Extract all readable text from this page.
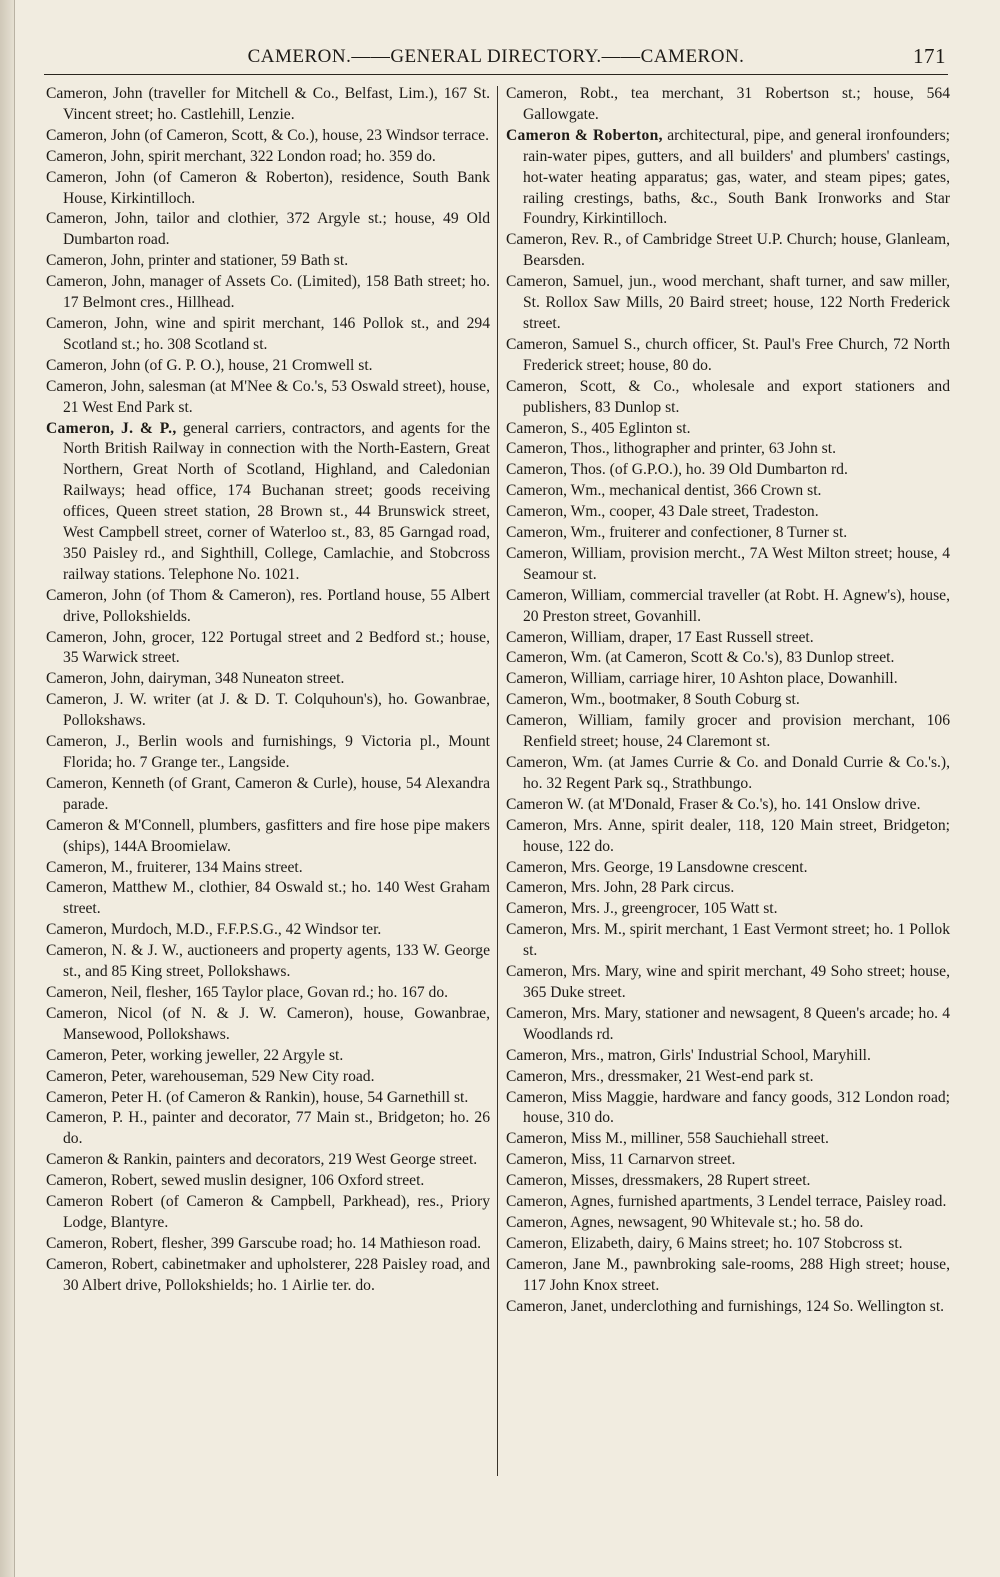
CAMERON.——GENERAL DIRECTORY.——CAMERON.	171

Cameron, John (traveller for Mitchell & Co., Belfast, Lim.), 167 St. Vincent street; ho. Castlehill, Lenzie.

Cameron, John (of Cameron, Scott, & Co.), house, 23 Windsor terrace.

Cameron, John, spirit merchant, 322 London road; ho. 359 do.

Cameron, John (of Cameron & Roberton), residence, South Bank House, Kirkintilloch.

Cameron, John, tailor and clothier, 372 Argyle st.; house, 49 Old Dumbarton road.

Cameron, John, printer and stationer, 59 Bath st.

Cameron, John, manager of Assets Co. (Limited), 158 Bath street; ho. 17 Belmont cres., Hillhead.

Cameron, John, wine and spirit merchant, 146 Pollok st., and 294 Scotland st.; ho. 308 Scotland st.

Cameron, John (of G. P. O.), house, 21 Cromwell st.

Cameron, John, salesman (at M'Nee & Co.'s, 53 Oswald street), house, 21 West End Park st.

Cameron, J. & P., general carriers, contractors, and agents for the North British Railway in connection with the North-Eastern, Great Northern, Great North of Scotland, Highland, and Caledonian Railways; head office, 174 Buchanan street; goods receiving offices, Queen street station, 28 Brown st., 44 Brunswick street, West Campbell street, corner of Waterloo st., 83, 85 Garngad road, 350 Paisley rd., and Sighthill, College, Camlachie, and Stobcross railway stations. Telephone No. 1021.

Cameron, John (of Thom & Cameron), res. Portland house, 55 Albert drive, Pollokshields.

Cameron, John, grocer, 122 Portugal street and 2 Bedford st.; house, 35 Warwick street.

Cameron, John, dairyman, 348 Nuneaton street.

Cameron, J. W. writer (at J. & D. T. Colquhoun's), ho. Gowanbrae, Pollokshaws.

Cameron, J., Berlin wools and furnishings, 9 Victoria pl., Mount Florida; ho. 7 Grange ter., Langside.

Cameron, Kenneth (of Grant, Cameron & Curle), house, 54 Alexandra parade.

Cameron & M'Connell, plumbers, gasfitters and fire hose pipe makers (ships), 144A Broomielaw.

Cameron, M., fruiterer, 134 Mains street.

Cameron, Matthew M., clothier, 84 Oswald st.; ho. 140 West Graham street.

Cameron, Murdoch, M.D., F.F.P.S.G., 42 Windsor ter.

Cameron, N. & J. W., auctioneers and property agents, 133 W. George st., and 85 King street, Pollokshaws.

Cameron, Neil, flesher, 165 Taylor place, Govan rd.; ho. 167 do.

Cameron, Nicol (of N. & J. W. Cameron), house, Gowanbrae, Mansewood, Pollokshaws.

Cameron, Peter, working jeweller, 22 Argyle st.

Cameron, Peter, warehouseman, 529 New City road.

Cameron, Peter H. (of Cameron & Rankin), house, 54 Garnethill st.

Cameron, P. H., painter and decorator, 77 Main st., Bridgeton; ho. 26 do.

Cameron & Rankin, painters and decorators, 219 West George street.

Cameron, Robert, sewed muslin designer, 106 Oxford street.

Cameron Robert (of Cameron & Campbell, Parkhead), res., Priory Lodge, Blantyre.

Cameron, Robert, flesher, 399 Garscube road; ho. 14 Mathieson road.

Cameron, Robert, cabinetmaker and upholsterer, 228 Paisley road, and 30 Albert drive, Pollokshields; ho. 1 Airlie ter. do.

Cameron, Robt., tea merchant, 31 Robertson st.; house, 564 Gallowgate.

Cameron & Roberton, architectural, pipe, and general ironfounders; rain-water pipes, gutters, and all builders' and plumbers' castings, hot-water heating apparatus; gas, water, and steam pipes; gates, railing crestings, baths, &c., South Bank Ironworks and Star Foundry, Kirkintilloch.

Cameron, Rev. R., of Cambridge Street U.P. Church; house, Glanleam, Bearsden.

Cameron, Samuel, jun., wood merchant, shaft turner, and saw miller, St. Rollox Saw Mills, 20 Baird street; house, 122 North Frederick street.

Cameron, Samuel S., church officer, St. Paul's Free Church, 72 North Frederick street; house, 80 do.

Cameron, Scott, & Co., wholesale and export stationers and publishers, 83 Dunlop st.

Cameron, S., 405 Eglinton st.

Cameron, Thos., lithographer and printer, 63 John st.

Cameron, Thos. (of G.P.O.), ho. 39 Old Dumbarton rd.

Cameron, Wm., mechanical dentist, 366 Crown st.

Cameron, Wm., cooper, 43 Dale street, Tradeston.

Cameron, Wm., fruiterer and confectioner, 8 Turner st.

Cameron, William, provision mercht., 7A West Milton street; house, 4 Seamour st.

Cameron, William, commercial traveller (at Robt. H. Agnew's), house, 20 Preston street, Govanhill.

Cameron, William, draper, 17 East Russell street.

Cameron, Wm. (at Cameron, Scott & Co.'s), 83 Dunlop street.

Cameron, William, carriage hirer, 10 Ashton place, Dowanhill.

Cameron, Wm., bootmaker, 8 South Coburg st.

Cameron, William, family grocer and provision merchant, 106 Renfield street; house, 24 Claremont st.

Cameron, Wm. (at James Currie & Co. and Donald Currie & Co.'s.), ho. 32 Regent Park sq., Strathbungo.

Cameron W. (at M'Donald, Fraser & Co.'s), ho. 141 Onslow drive.

Cameron, Mrs. Anne, spirit dealer, 118, 120 Main street, Bridgeton; house, 122 do.

Cameron, Mrs. George, 19 Lansdowne crescent.

Cameron, Mrs. John, 28 Park circus.

Cameron, Mrs. J., greengrocer, 105 Watt st.

Cameron, Mrs. M., spirit merchant, 1 East Vermont street; ho. 1 Pollok st.

Cameron, Mrs. Mary, wine and spirit merchant, 49 Soho street; house, 365 Duke street.

Cameron, Mrs. Mary, stationer and newsagent, 8 Queen's arcade; ho. 4 Woodlands rd.

Cameron, Mrs., matron, Girls' Industrial School, Maryhill.

Cameron, Mrs., dressmaker, 21 West-end park st.

Cameron, Miss Maggie, hardware and fancy goods, 312 London road; house, 310 do.

Cameron, Miss M., milliner, 558 Sauchiehall street.

Cameron, Miss, 11 Carnarvon street.

Cameron, Misses, dressmakers, 28 Rupert street.

Cameron, Agnes, furnished apartments, 3 Lendel terrace, Paisley road.

Cameron, Agnes, newsagent, 90 Whitevale st.; ho. 58 do.

Cameron, Elizabeth, dairy, 6 Mains street; ho. 107 Stobcross st.

Cameron, Jane M., pawnbroking sale-rooms, 288 High street; house, 117 John Knox street.

Cameron, Janet, underclothing and furnishings, 124 So. Wellington st.
